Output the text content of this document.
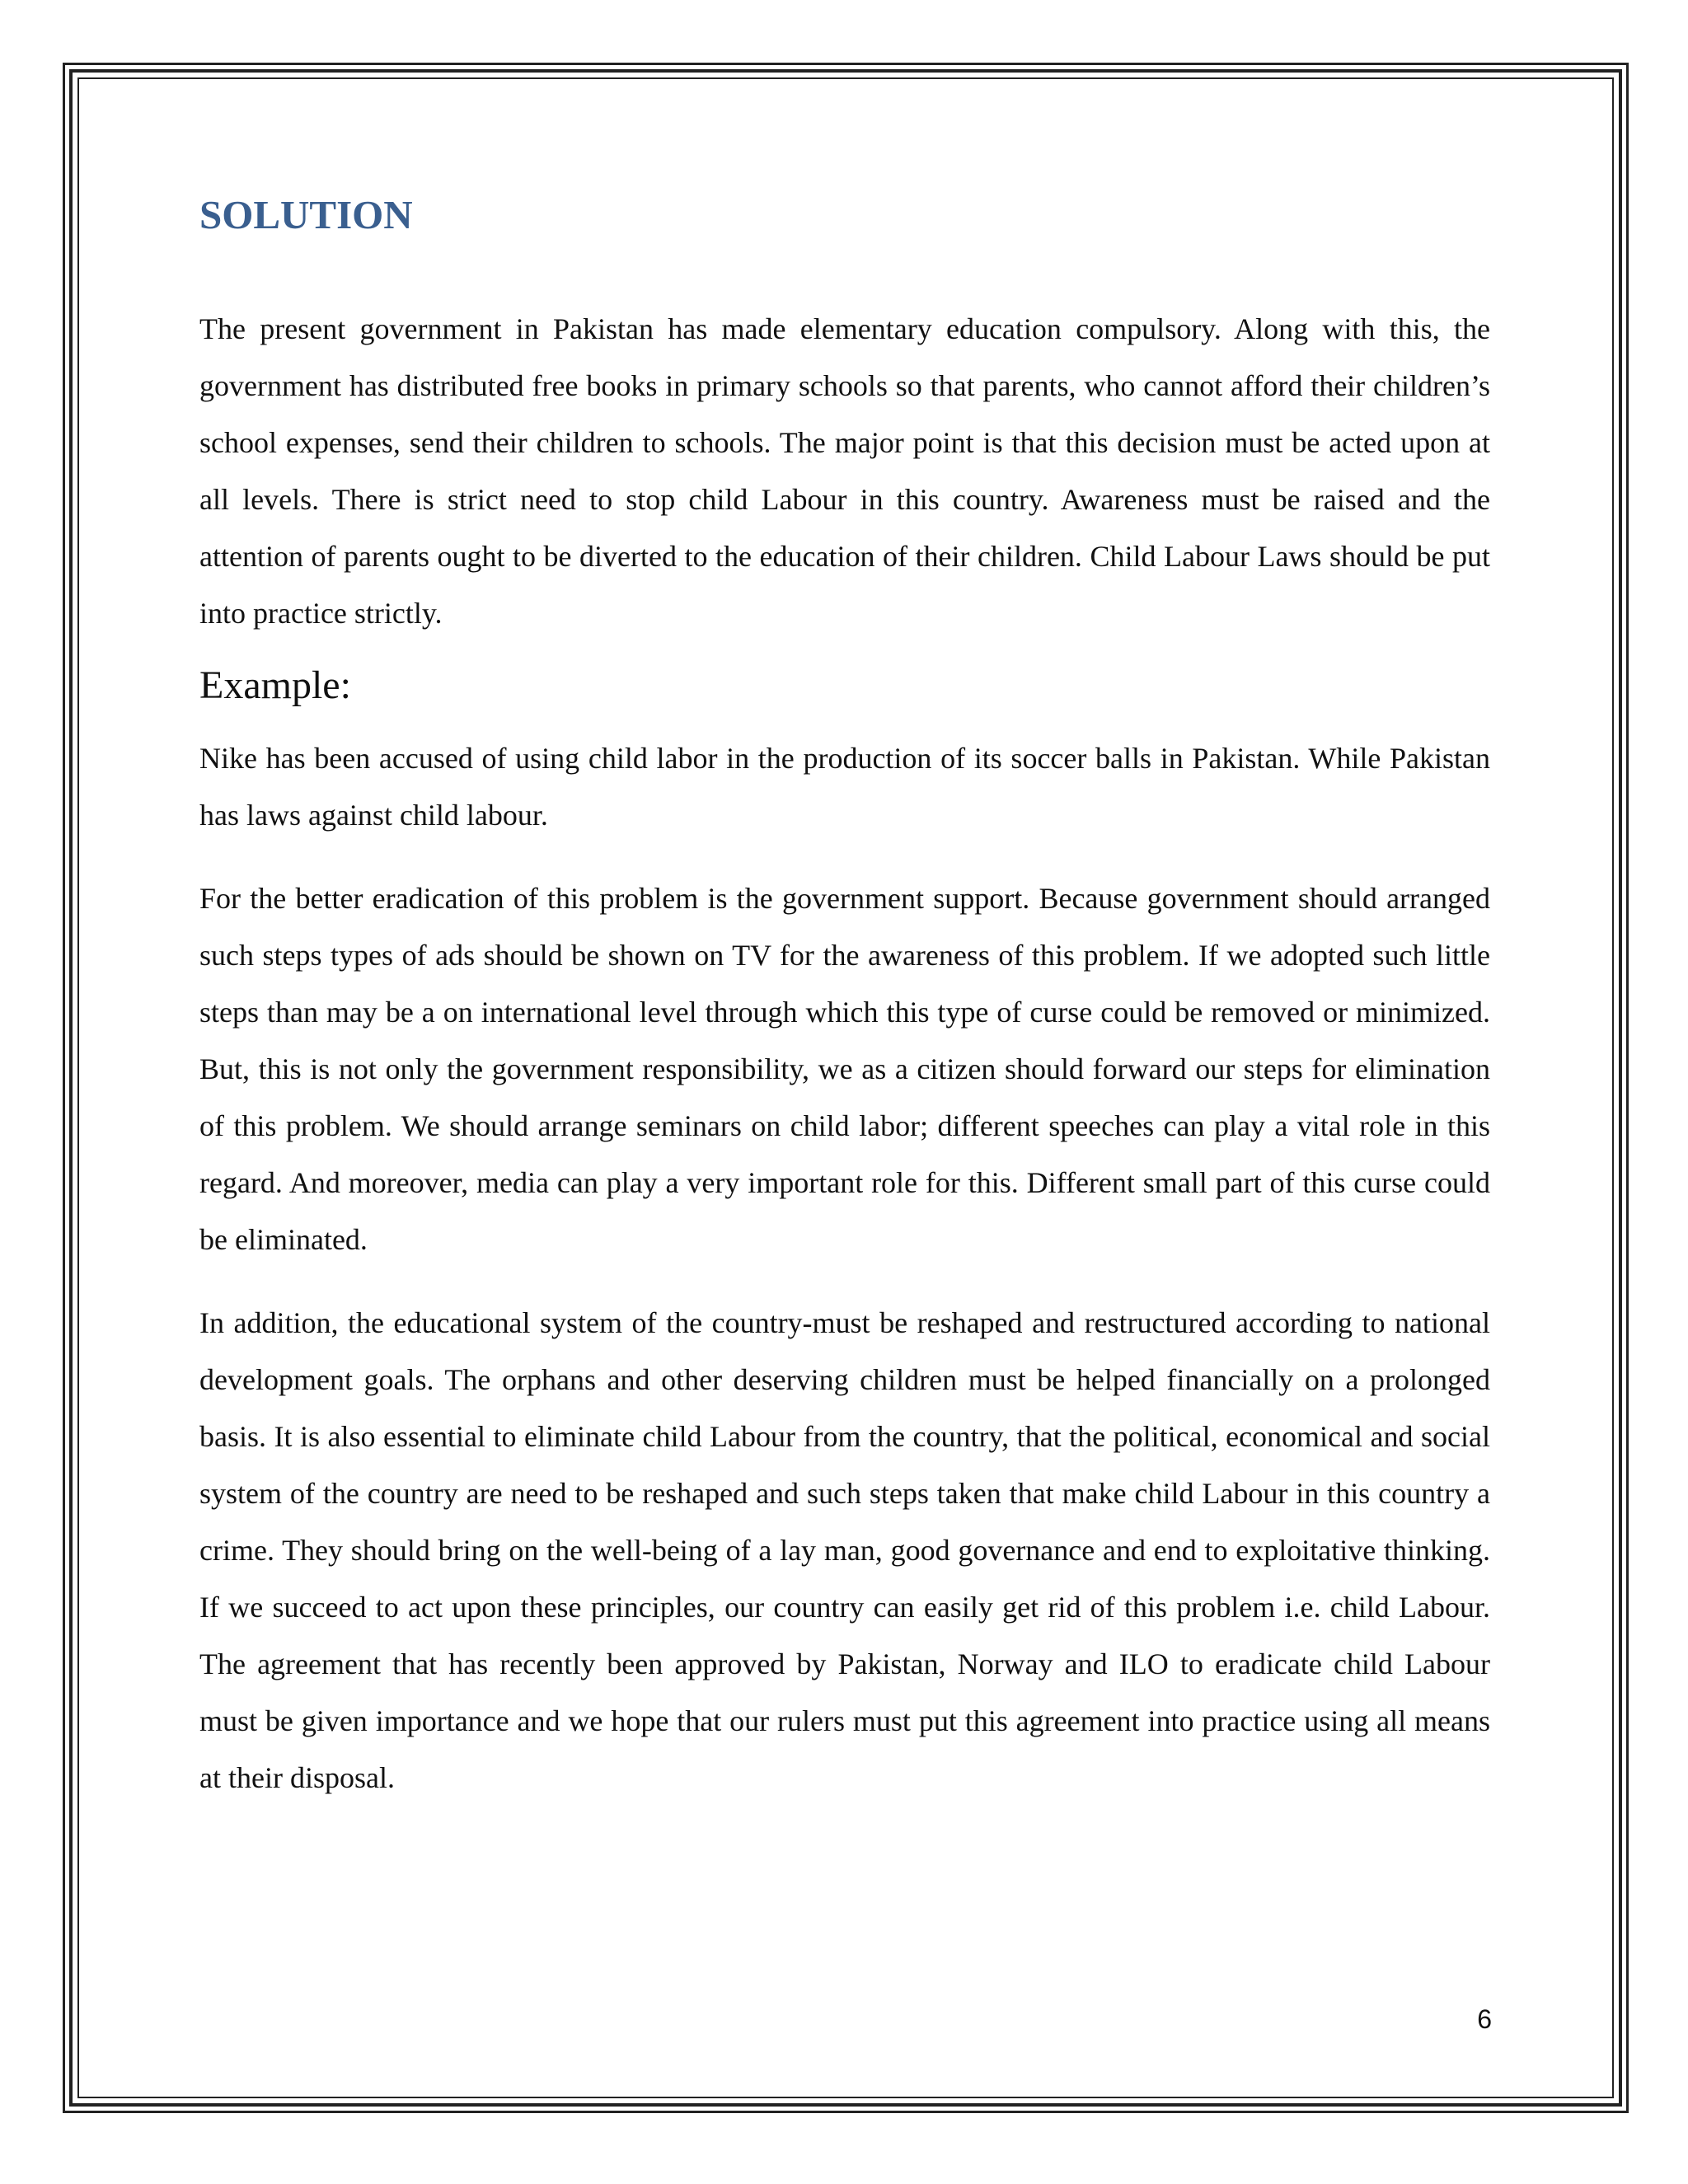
SOLUTION

The present government in Pakistan has made elementary education compulsory. Along with this, the government has distributed free books in primary schools so that parents, who cannot afford their children’s school expenses, send their children to schools. The major point is that this decision must be acted upon at all levels. There is strict need to stop child Labour in this country. Awareness must be raised and the attention of parents ought to be diverted to the education of their children. Child Labour Laws should be put into practice strictly.

Example:

Nike has been accused of using child labor in the production of its soccer balls in Pakistan. While Pakistan has laws against child labour.

For the better eradication of this problem is the government support. Because government should arranged such steps types of ads should be shown on TV for the awareness of this problem. If we adopted such little steps than may be a on international level through which this type of curse could be removed or minimized. But, this is not only the government responsibility, we as a citizen should forward our steps for elimination of this problem. We should arrange seminars on child labor; different speeches can play a vital role in this regard. And moreover, media can play a very important role for this. Different small part of this curse could be eliminated.

In addition, the educational system of the country-must be reshaped and restructured according to national development goals. The orphans and other deserving children must be helped financially on a prolonged basis. It is also essential to eliminate child Labour from the country, that the political, economical and social system of the country are need to be reshaped and such steps taken that make child Labour in this country a crime. They should bring on the well-being of a lay man, good governance and end to exploitative thinking. If we succeed to act upon these principles, our country can easily get rid of this problem i.e. child Labour. The agreement that has recently been approved by Pakistan, Norway and ILO to eradicate child Labour must be given importance and we hope that our rulers must put this agreement into practice using all means at their disposal.

6
